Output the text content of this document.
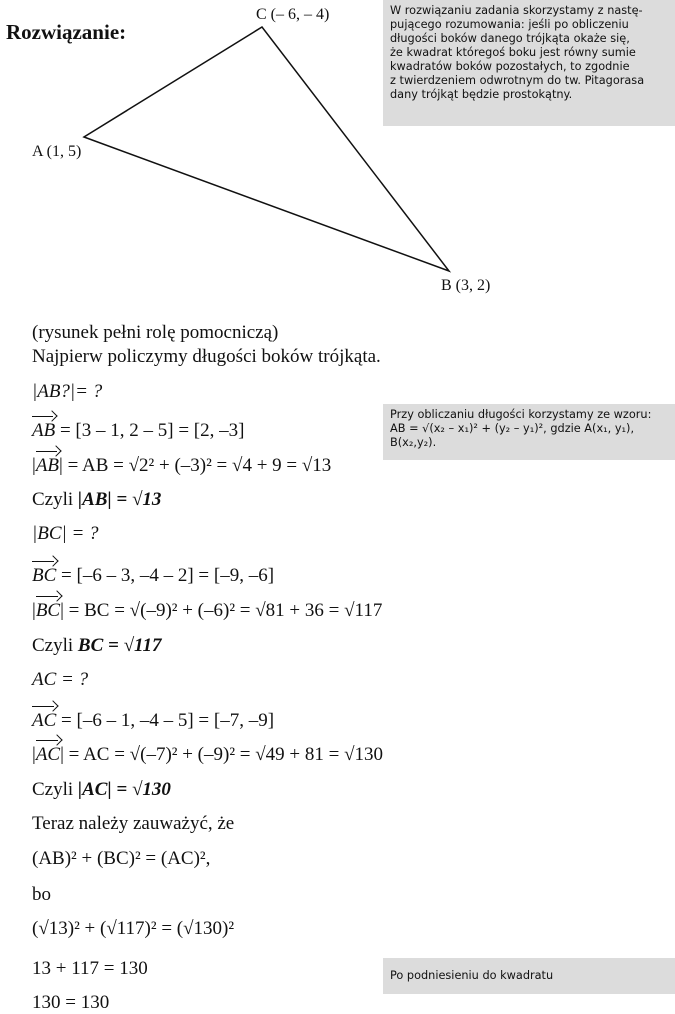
Rozwiązanie:
C (– 6, – 4)
A (1, 5)
B (3, 2)
W rozwiązaniu zadania skorzystamy z nastę-
pującego rozumowania: jeśli po obliczeniu
długości boków danego trójkąta okaże się,
że kwadrat któregoś boku jest równy sumie
kwadratów boków pozostałych, to zgodnie
z twierdzeniem odwrotnym do tw. Pitagorasa
dany trójkąt będzie prostokątny.
Przy obliczaniu długości korzystamy ze wzoru:
AB = √(x₂ – x₁)² + (y₂ – y₁)², gdzie A(x₁, y₁),
B(x₂,y₂).
Po podniesieniu do kwadratu
(rysunek pełni rolę pomocniczą)
Najpierw policzymy długości boków trójkąta.
|AB?|= ?
AB = [3 – 1, 2 – 5] = [2, –3]
|AB| = AB = √2² + (–3)² = √4 + 9 = √13
Czyli |AB| = √13
|BC| = ?
BC = [–6 – 3, –4 – 2] = [–9, –6]
|BC| = BC = √(–9)² + (–6)² = √81 + 36 = √117
Czyli BC = √117
AC = ?
AC = [–6 – 1, –4 – 5] = [–7, –9]
|AC| = AC = √(–7)² + (–9)² = √49 + 81 = √130
Czyli |AC| = √130
Teraz należy zauważyć, że
(AB)² + (BC)² = (AC)²,
bo
(√13)² + (√117)² = (√130)²
13 + 117 = 130
130 = 130
